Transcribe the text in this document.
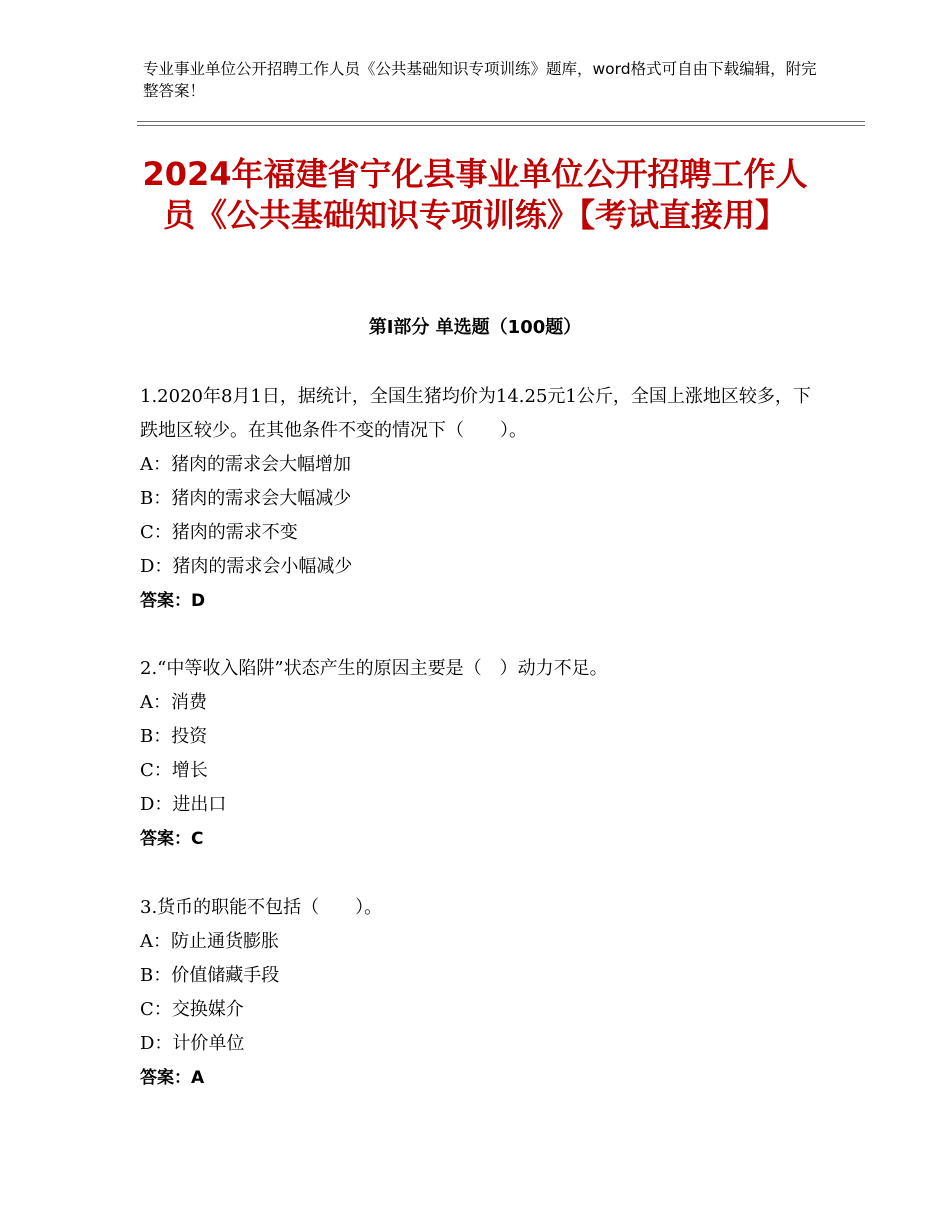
专业事业单位公开招聘工作人员《公共基础知识专项训练》题库，word格式可自由下载编辑，附完整答案！
2024年福建省宁化县事业单位公开招聘工作人员《公共基础知识专项训练》【考试直接用】
第Ⅰ部分 单选题（100题）

1.2020年8月1日，据统计，全国生猪均价为14.25元1公斤，全国上涨地区较多，下跌地区较少。在其他条件不变的情况下（　　）。

A：猪肉的需求会大幅增加

B：猪肉的需求会大幅减少

C：猪肉的需求不变

D：猪肉的需求会小幅减少

答案：D

2.“中等收入陷阱”状态产生的原因主要是（　）动力不足。

A：消费

B：投资

C：增长

D：进出口

答案：C

3.货币的职能不包括（　　）。

A：防止通货膨胀

B：价值储藏手段

C：交换媒介

D：计价单位

答案：A
